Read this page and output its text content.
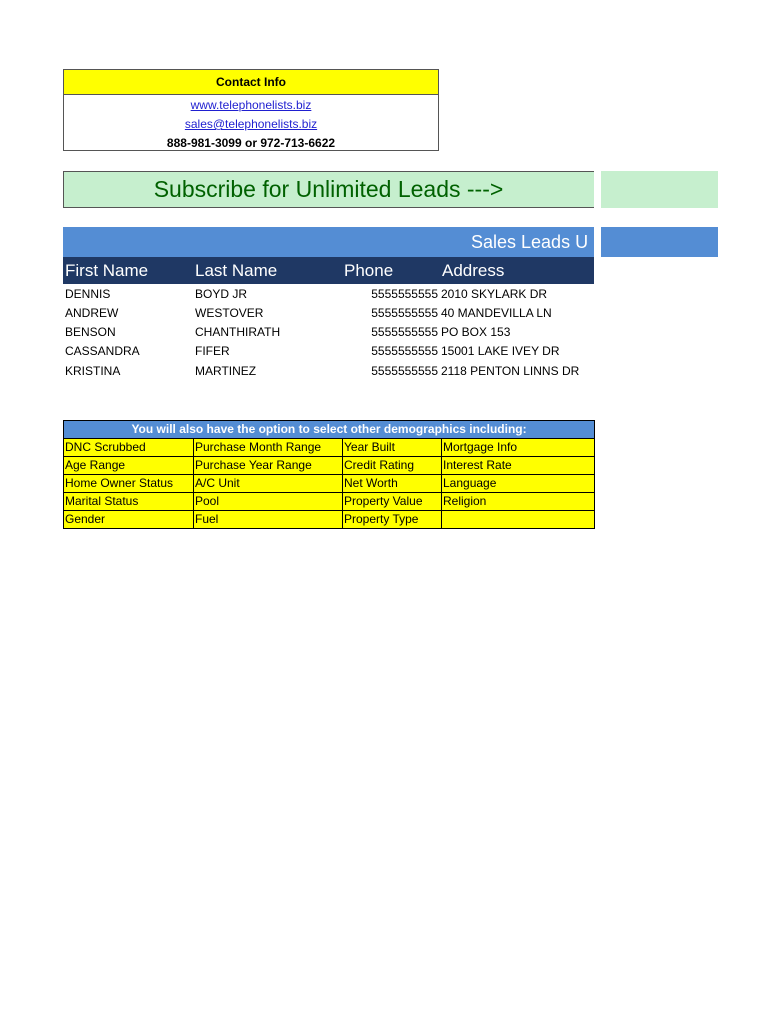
Contact Info
www.telephonelists.biz
sales@telephonelists.biz
888-981-3099 or 972-713-6622
Subscribe for Unlimited Leads --->
Sales Leads U
First Name	Last Name	Phone	Address
DENNIS	BOYD JR	5555555555 2010 SKYLARK DR
ANDREW	WESTOVER	5555555555 40 MANDEVILLA LN
BENSON	CHANTHIRATH	5555555555 PO BOX 153
CASSANDRA	FIFER	5555555555 15001 LAKE IVEY DR
KRISTINA	MARTINEZ	5555555555 2118 PENTON LINNS DR
You will also have the option to select other demographics including:			
DNC Scrubbed	Purchase Month Range	Year Built	Mortgage Info
Age Range	Purchase Year Range	Credit Rating	Interest Rate
Home Owner Status	A/C Unit	Net Worth	Language
Marital Status	Pool	Property Value	Religion
Gender	Fuel	Property Type	
